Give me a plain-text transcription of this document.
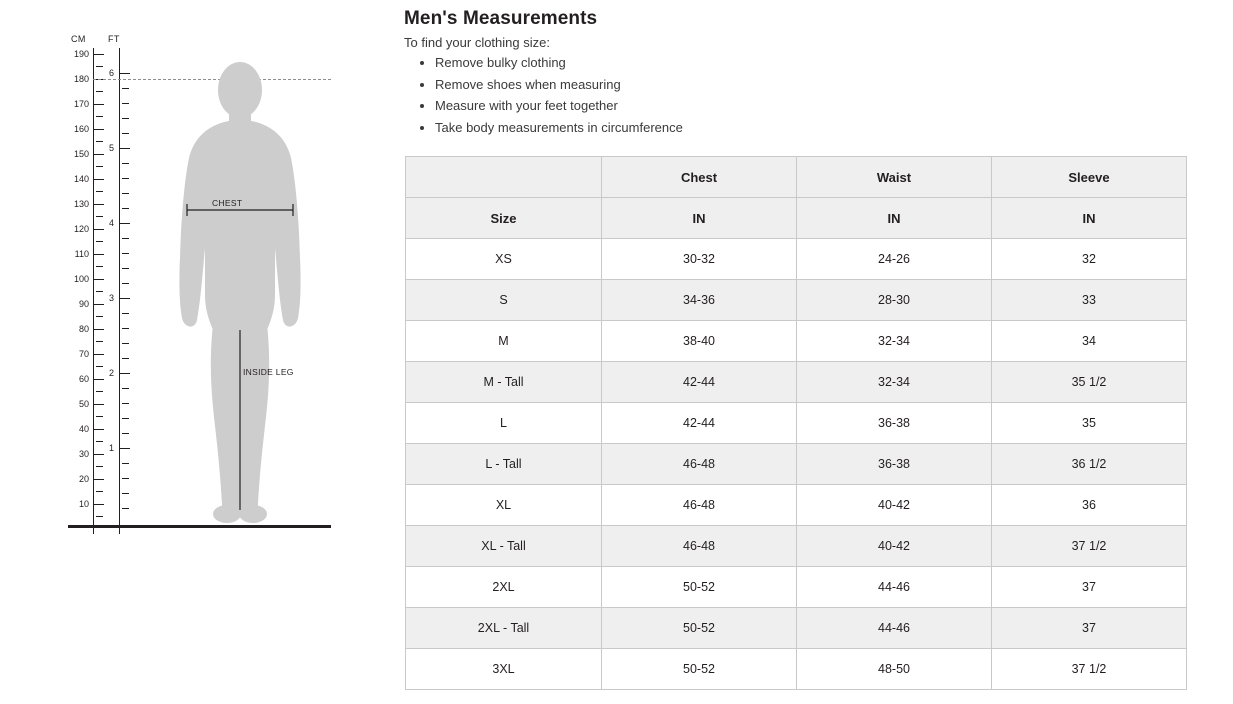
CM FT
190
180
170
160
150
140
130
120
110
100
90
80
70
60
50
40
30
20
10
6
5
4
3
2
1
CHEST
INSIDE LEG
Men's Measurements
To find your clothing size:
• Remove bulky clothing
• Remove shoes when measuring
• Measure with your feet together
• Take body measurements in circumference
	Chest	Waist	Sleeve
Size	IN	IN	IN
XS	30-32	24-26	32
S	34-36	28-30	33
M	38-40	32-34	34
M - Tall	42-44	32-34	35 1/2
L	42-44	36-38	35
L - Tall	46-48	36-38	36 1/2
XL	46-48	40-42	36
XL - Tall	46-48	40-42	37 1/2
2XL	50-52	44-46	37
2XL - Tall	50-52	44-46	37
3XL	50-52	48-50	37 1/2
